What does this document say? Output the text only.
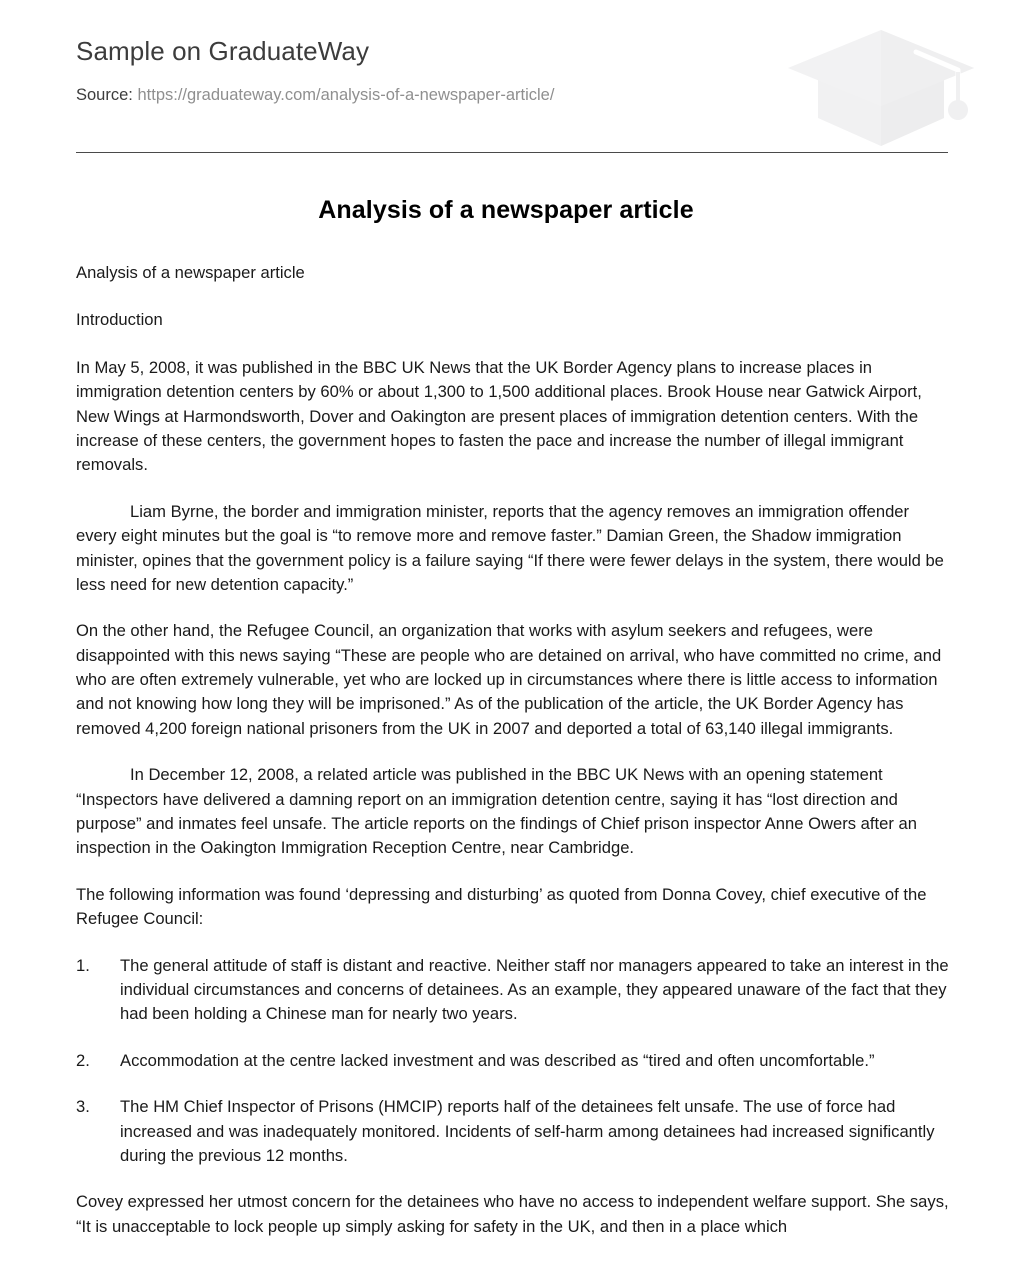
Sample on GraduateWay
Source: https://graduateway.com/analysis-of-a-newspaper-article/
Analysis of a newspaper article

Analysis of a newspaper article

Introduction

In May 5, 2008, it was published in the BBC UK News that the UK Border Agency plans to increase places in immigration detention centers by 60% or about 1,300 to 1,500 additional places. Brook House near Gatwick Airport, New Wings at Harmondsworth, Dover and Oakington are present places of immigration detention centers. With the increase of these centers, the government hopes to fasten the pace and increase the number of illegal immigrant removals.

Liam Byrne, the border and immigration minister, reports that the agency removes an immigration offender every eight minutes but the goal is “to remove more and remove faster.” Damian Green, the Shadow immigration minister, opines that the government policy is a failure saying “If there were fewer delays in the system, there would be less need for new detention capacity.”

On the other hand, the Refugee Council, an organization that works with asylum seekers and refugees, were disappointed with this news saying “These are people who are detained on arrival, who have committed no crime, and who are often extremely vulnerable, yet who are locked up in circumstances where there is little access to information and not knowing how long they will be imprisoned.” As of the publication of the article, the UK Border Agency has removed 4,200 foreign national prisoners from the UK in 2007 and deported a total of 63,140 illegal immigrants.

In December 12, 2008, a related article was published in the BBC UK News with an opening statement “Inspectors have delivered a damning report on an immigration detention centre, saying it has “lost direction and purpose” and inmates feel unsafe. The article reports on the findings of Chief prison inspector Anne Owers after an inspection in the Oakington Immigration Reception Centre, near Cambridge.

The following information was found ‘depressing and disturbing’ as quoted from Donna Covey, chief executive of the Refugee Council:

1.	The general attitude of staff is distant and reactive. Neither staff nor managers appeared to take an interest in the individual circumstances and concerns of detainees. As an example, they appeared unaware of the fact that they had been holding a Chinese man for nearly two years.
2.	Accommodation at the centre lacked investment and was described as “tired and often uncomfortable.”
3.	The HM Chief Inspector of Prisons (HMCIP) reports half of the detainees felt unsafe. The use of force had increased and was inadequately monitored. Incidents of self-harm among detainees had increased significantly during the previous 12 months.

Covey expressed her utmost concern for the detainees who have no access to independent welfare support. She says, “It is unacceptable to lock people up simply asking for safety in the UK, and then in a place which
